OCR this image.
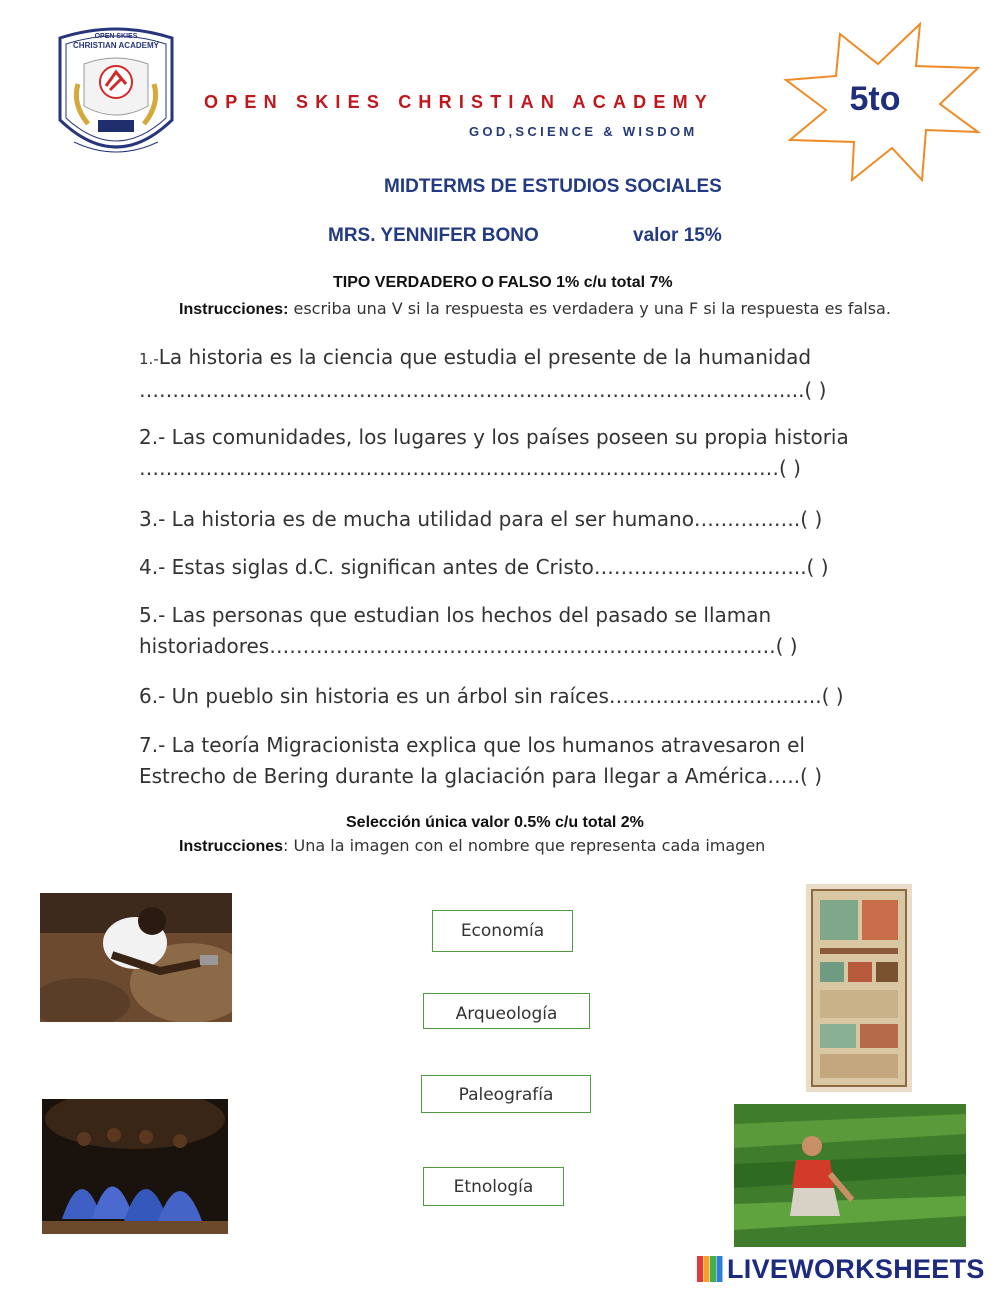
OPEN SKIES
CHRISTIAN ACADEMY
OPEN SKIES CHRISTIAN ACADEMY
GOD,SCIENCE & WISDOM
5to
MIDTERMS DE ESTUDIOS SOCIALES
MRS. YENNIFER BONO	valor 15%
TIPO VERDADERO O FALSO 1% c/u total 7%
Instrucciones: escriba una V si la respuesta es verdadera y una F si la respuesta es falsa.
1.-La historia es la ciencia que estudia el presente de la humanidad
……………………………………………………………………………………....( )
2.- Las comunidades, los lugares y los países poseen su propia historia
……………………………………………………………………………………( )
3.- La historia es de mucha utilidad para el ser humano…………….( )
4.- Estas siglas d.C. significan antes de Cristo…………………………..( )
5.- Las personas que estudian los hechos del pasado se llaman
historiadores………………………………………………………………….( )
6.- Un pueblo sin historia es un árbol sin raíces…………………………..( )
7.- La teoría Migracionista explica que los humanos atravesaron el
Estrecho de Bering durante la glaciación para llegar a América…..( )
Selección única valor 0.5% c/u total 2%
Instrucciones: Una la imagen con el nombre que representa cada imagen
Economía
Arqueología
Paleografía
Etnología
LIVEWORKSHEETS
